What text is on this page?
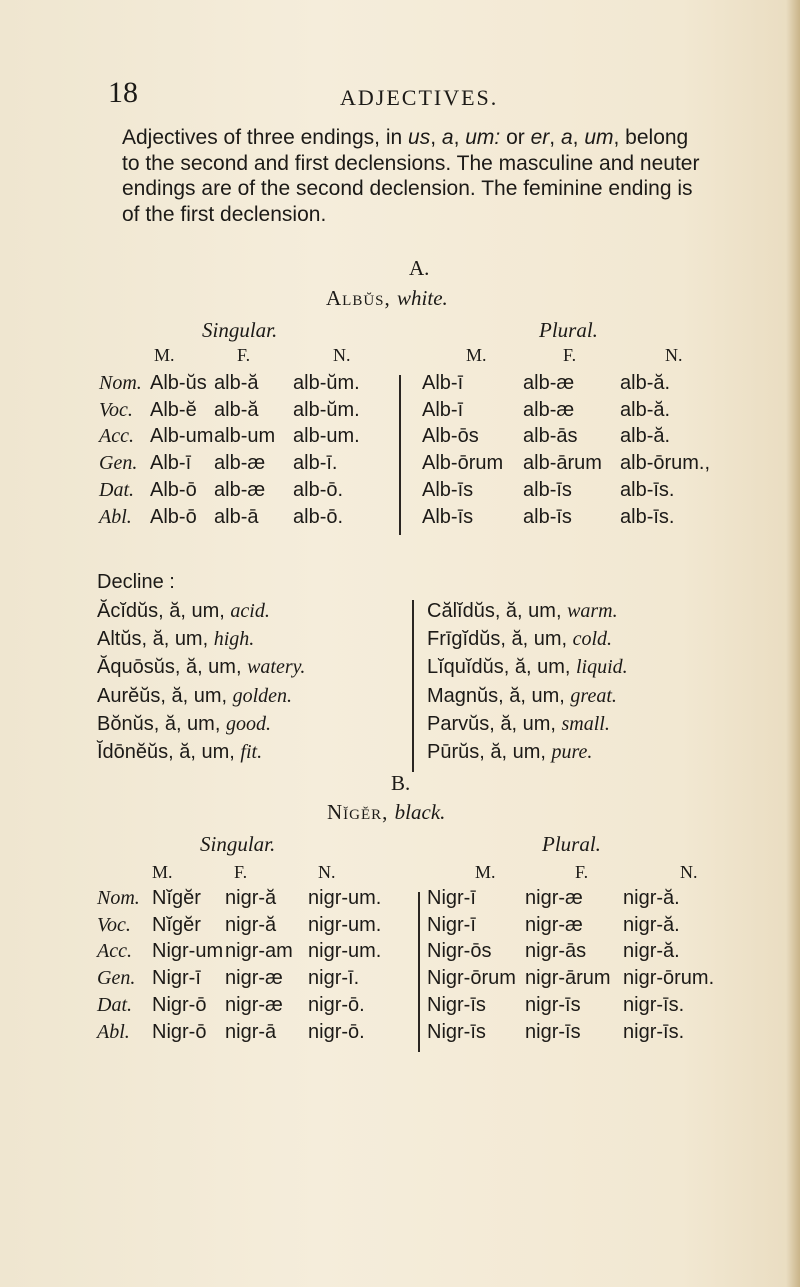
18	ADJECTIVES.

Adjectives of three endings, in us, a, um: or er, a, um, belong

to the second and first declensions. The masculine and neuter

endings are of the second declension. The feminine ending is

of the first declension.

A.
Albŭs, white.
Singular.	Plural.
M.	F.	N.	M.	F.	N.
Nom. Alb-ŭs alb-ă alb-ŭm.	Alb-ī	alb-æ alb-ă.
Voc. Alb-ĕ alb-ă alb-ŭm.	Alb-ī	alb-æ alb-ă.
Acc. Alb-um alb-um alb-um.	Alb-ōs alb-ās alb-ă.
Gen. Alb-ī alb-æ alb-ī.	Alb-ōrum alb-ārum alb-ōrum.,
Dat. Alb-ō alb-æ alb-ō.	Alb-īs alb-īs alb-īs.
Abl. Alb-ō alb-ā alb-ō.	Alb-īs alb-īs alb-īs.
Decline :
Ăcĭdŭs, ă, um, acid.
Altŭs, ă, um, high.
Ăquōsŭs, ă, um, watery.
Aurĕŭs, ă, um, golden.
Bŏnŭs, ă, um, good.
Ĭdōnĕŭs, ă, um, fit.
Călĭdŭs, ă, um, warm.
Frīgĭdŭs, ă, um, cold.
Lĭquĭdŭs, ă, um, liquid.
Magnŭs, ă, um, great.
Parvŭs, ă, um, small.
Pūrŭs, ă, um, pure.
B.
Nĭgĕr, black.
Singular.	Plural.
M.	F.	N.	M.	F.	N.
Nom. Nĭgĕr nigr-ă nigr-um. Nigr-ī nigr-æ nigr-ă.
Voc. Nĭgĕr nigr-ă nigr-um. Nigr-ī nigr-æ nigr-ă.
Acc. Nigr-um nigr-am nigr-um. Nigr-ōs nigr-ās nigr-ă.
Gen. Nigr-ī nigr-æ nigr-ī.	Nigr-ōrum nigr-ārum nigr-ōrum.
Dat. Nigr-ō nigr-æ nigr-ō.	Nigr-īs nigr-īs nigr-īs.
Abl. Nigr-ō nigr-ā nigr-ō.	Nigr-īs nigr-īs nigr-īs.
